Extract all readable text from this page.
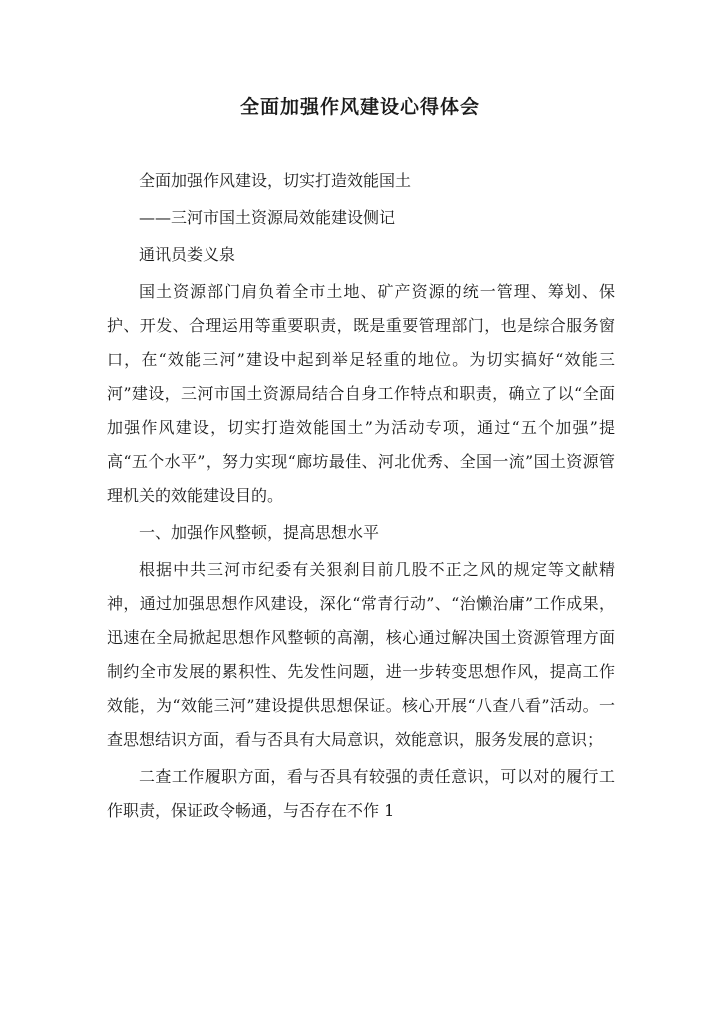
全面加强作风建设心得体会

全面加强作风建设，切实打造效能国土

——三河市国土资源局效能建设侧记

通讯员娄义泉

国土资源部门肩负着全市土地、矿产资源的统一管理、筹划、保护、开发、合理运用等重要职责，既是重要管理部门，也是综合服务窗口，在“效能三河”建设中起到举足轻重的地位。为切实搞好“效能三河”建设，三河市国土资源局结合自身工作特点和职责，确立了以“全面加强作风建设，切实打造效能国土”为活动专项，通过“五个加强”提高“五个水平”，努力实现“廊坊最佳、河北优秀、全国一流”国土资源管理机关的效能建设目的。

一、加强作风整顿，提高思想水平

根据中共三河市纪委有关狠刹目前几股不正之风的规定等文献精神，通过加强思想作风建设，深化“常青行动”、“治懒治庸”工作成果，迅速在全局掀起思想作风整顿的高潮，核心通过解决国土资源管理方面制约全市发展的累积性、先发性问题，进一步转变思想作风，提高工作效能，为“效能三河”建设提供思想保证。核心开展“八查八看”活动。一查思想结识方面，看与否具有大局意识，效能意识，服务发展的意识；

二查工作履职方面，看与否具有较强的责任意识，可以对的履行工作职责，保证政令畅通，与否存在不作 1
